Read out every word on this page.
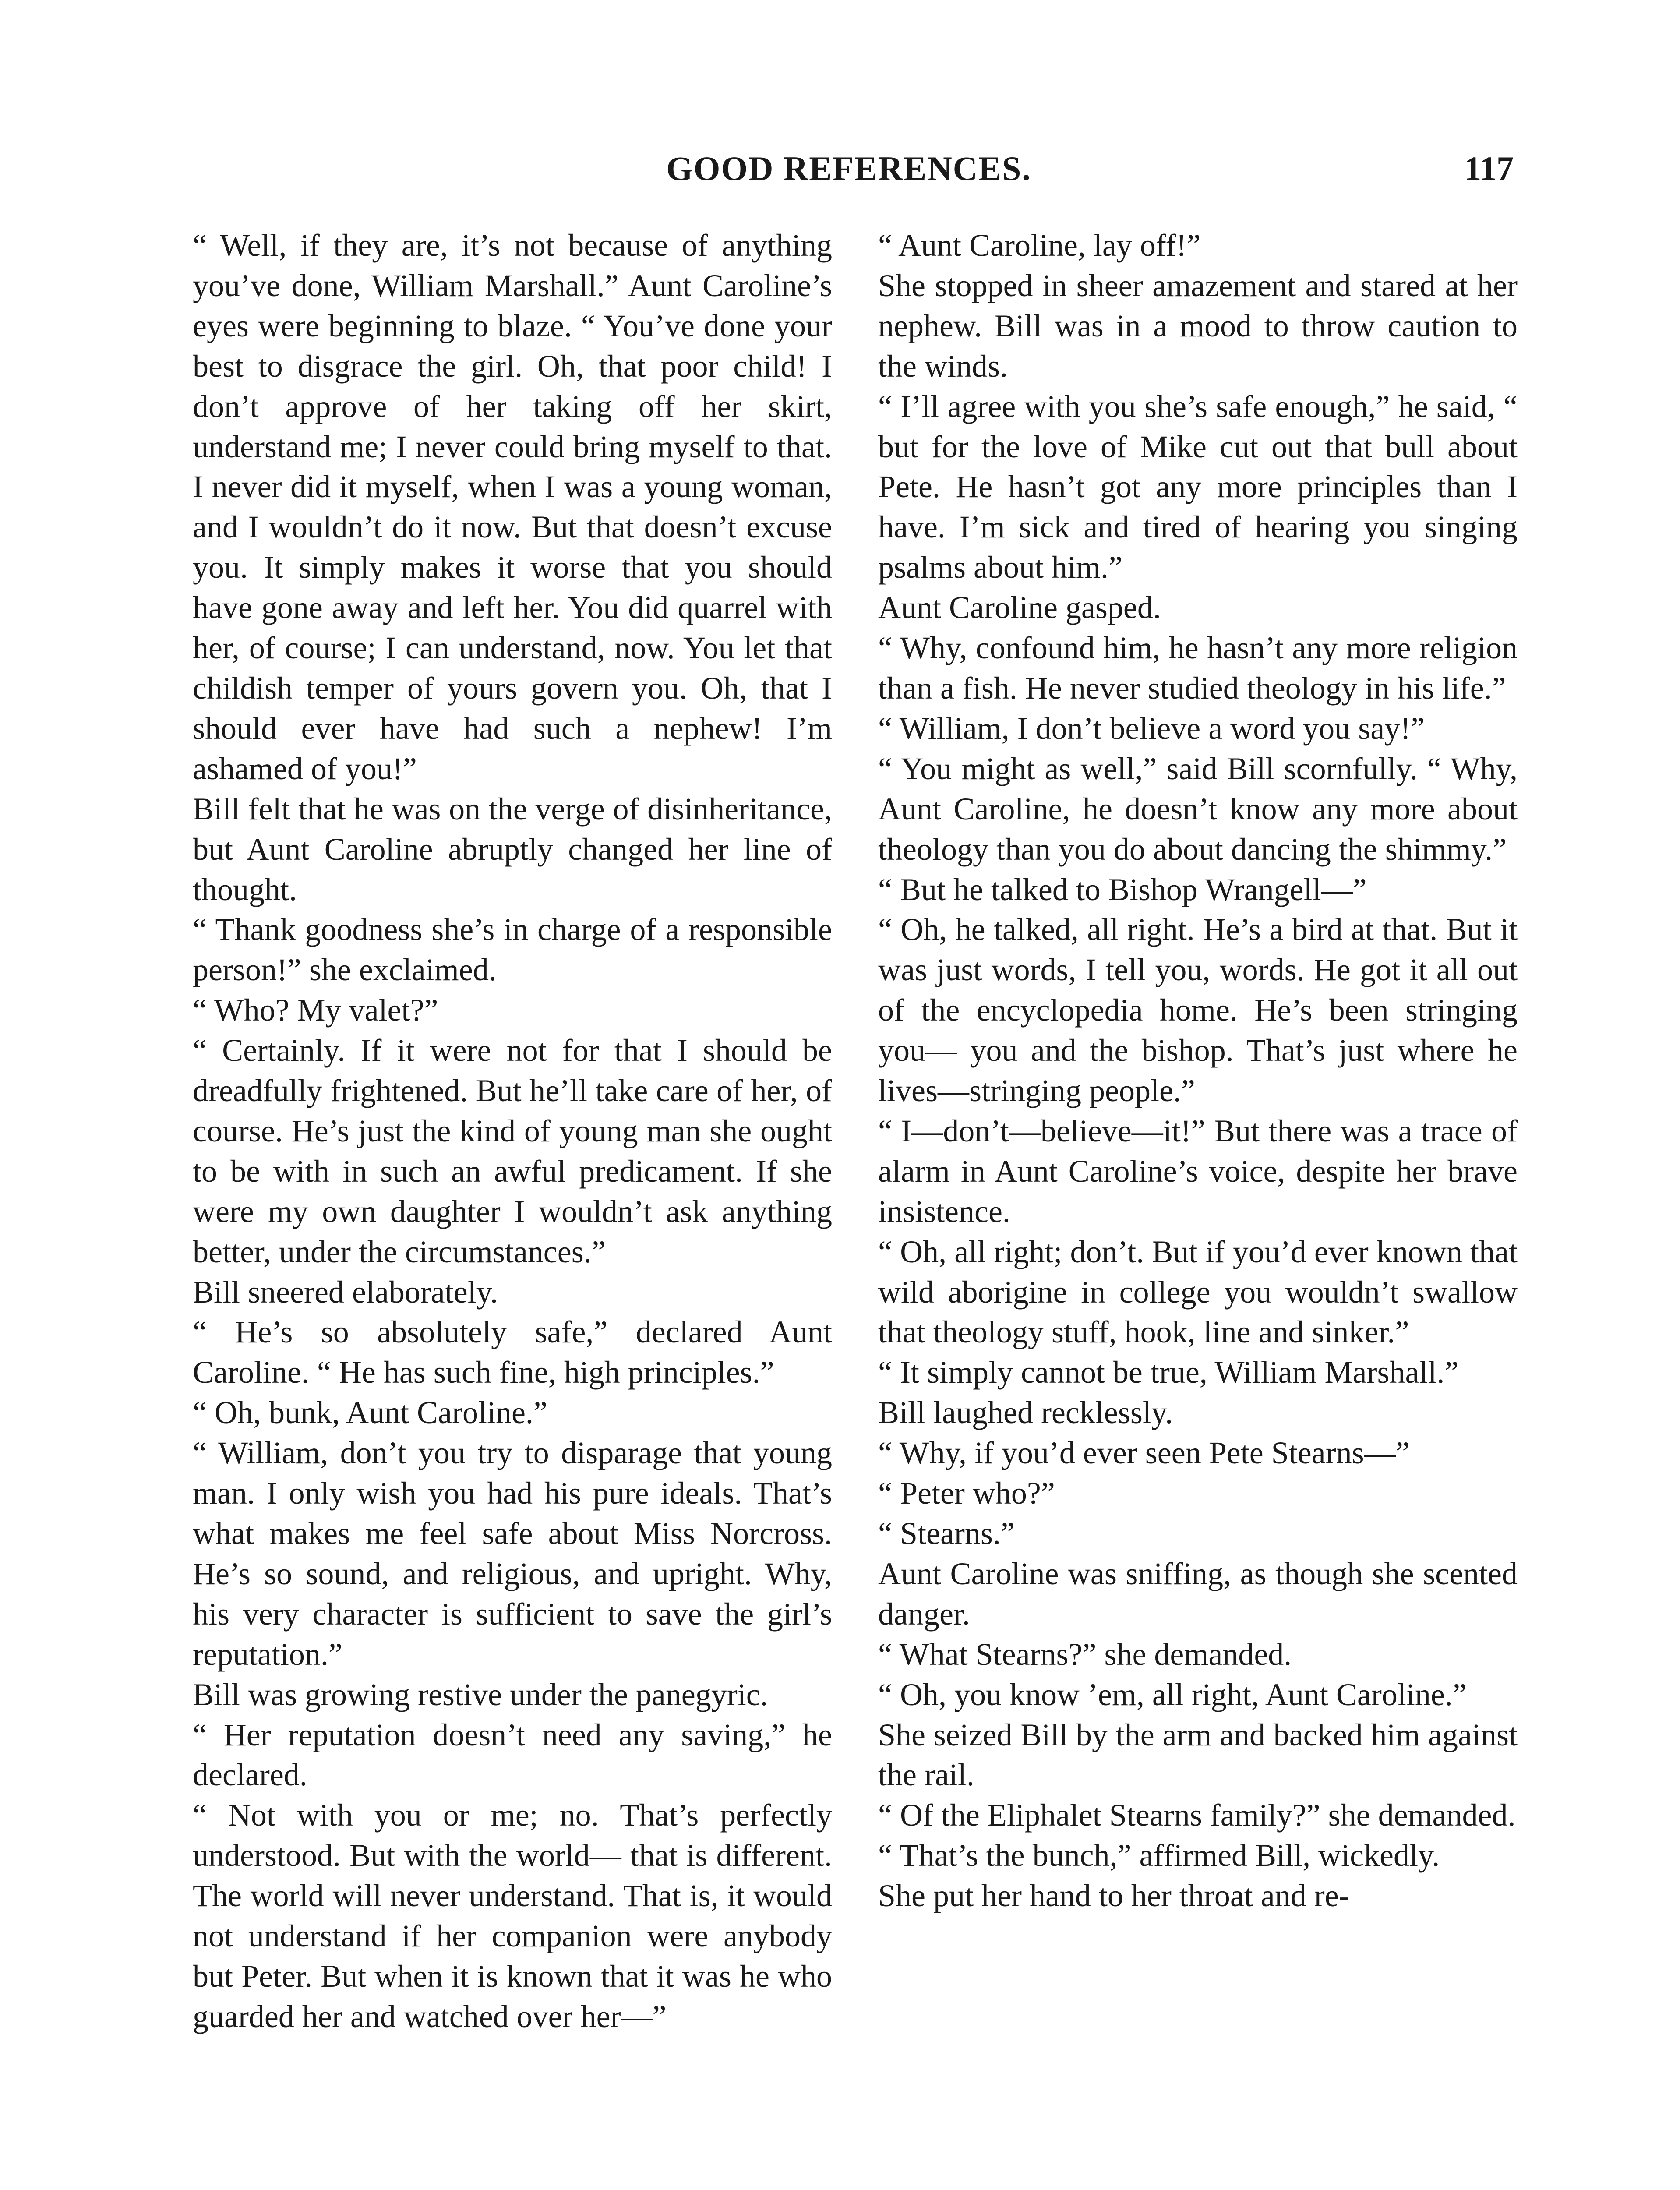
GOOD REFERENCES.	117

“ Well, if they are, it’s not because of anything you’ve done, William Marshall.” Aunt Caroline’s eyes were beginning to blaze. “ You’ve done your best to disgrace the girl. Oh, that poor child! I don’t approve of her taking off her skirt, understand me; I never could bring myself to that. I never did it myself, when I was a young woman, and I wouldn’t do it now. But that doesn’t excuse you. It simply makes it worse that you should have gone away and left her. You did quarrel with her, of course; I can understand, now. You let that childish temper of yours govern you. Oh, that I should ever have had such a nephew! I’m ashamed of you!”

Bill felt that he was on the verge of disinheritance, but Aunt Caroline abruptly changed her line of thought.

“ Thank goodness she’s in charge of a responsible person!” she exclaimed.

“ Who? My valet?”

“ Certainly. If it were not for that I should be dreadfully frightened. But he’ll take care of her, of course. He’s just the kind of young man she ought to be with in such an awful predicament. If she were my own daughter I wouldn’t ask anything better, under the circumstances.”

Bill sneered elaborately.

“ He’s so absolutely safe,” declared Aunt Caroline. “ He has such fine, high principles.”

“ Oh, bunk, Aunt Caroline.”

“ William, don’t you try to disparage that young man. I only wish you had his pure ideals. That’s what makes me feel safe about Miss Norcross. He’s so sound, and religious, and upright. Why, his very character is sufficient to save the girl’s reputation.”

Bill was growing restive under the panegyric.

“ Her reputation doesn’t need any saving,” he declared.

“ Not with you or me; no. That’s perfectly understood. But with the world— that is different. The world will never understand. That is, it would not understand if her companion were anybody but Peter. But when it is known that it was he who guarded her and watched over her—”

“ Aunt Caroline, lay off!”

She stopped in sheer amazement and stared at her nephew. Bill was in a mood to throw caution to the winds.

“ I’ll agree with you she’s safe enough,” he said, “ but for the love of Mike cut out that bull about Pete. He hasn’t got any more principles than I have. I’m sick and tired of hearing you singing psalms about him.”

Aunt Caroline gasped.

“ Why, confound him, he hasn’t any more religion than a fish. He never studied theology in his life.”

“ William, I don’t believe a word you say!”

“ You might as well,” said Bill scornfully. “ Why, Aunt Caroline, he doesn’t know any more about theology than you do about dancing the shimmy.”

“ But he talked to Bishop Wrangell—”

“ Oh, he talked, all right. He’s a bird at that. But it was just words, I tell you, words. He got it all out of the encyclopedia home. He’s been stringing you— you and the bishop. That’s just where he lives—stringing people.”

“ I—don’t—believe—it!” But there was a trace of alarm in Aunt Caroline’s voice, despite her brave insistence.

“ Oh, all right; don’t. But if you’d ever known that wild aborigine in college you wouldn’t swallow that theology stuff, hook, line and sinker.”

“ It simply cannot be true, William Marshall.”

Bill laughed recklessly.

“ Why, if you’d ever seen Pete Stearns—”

“ Peter who?”

“ Stearns.”

Aunt Caroline was sniffing, as though she scented danger.

“ What Stearns?” she demanded.

“ Oh, you know ’em, all right, Aunt Caroline.”

She seized Bill by the arm and backed him against the rail.

“ Of the Eliphalet Stearns family?” she demanded.

“ That’s the bunch,” affirmed Bill, wickedly.

She put her hand to her throat and re-
